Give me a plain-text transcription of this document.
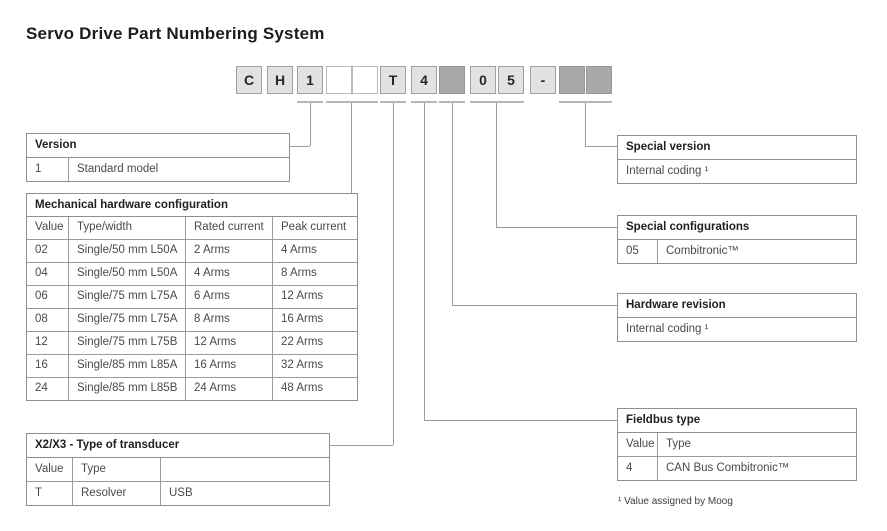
Servo Drive Part Numbering System
C	H	1	T	4	0	5	-
Version
1	Standard model
Mechanical hardware configuration
Value	Type/width	Rated current	Peak current
02	Single/50 mm L50A	2 Arms	4 Arms
04	Single/50 mm L50A	4 Arms	8 Arms
06	Single/75 mm L75A	6 Arms	12 Arms
08	Single/75 mm L75A	8 Arms	16 Arms
12	Single/75 mm L75B	12 Arms	22 Arms
16	Single/85 mm L85A	16 Arms	32 Arms
24	Single/85 mm L85B	24 Arms	48 Arms
X2/X3 - Type of transducer
Value	Type
T	Resolver	USB
Special version
Internal coding ¹
Special configurations
05	Combitronic™
Hardware revision
Internal coding ¹
Fieldbus type
Value Type
4	CAN Bus Combitronic™
¹ Value assigned by Moog
